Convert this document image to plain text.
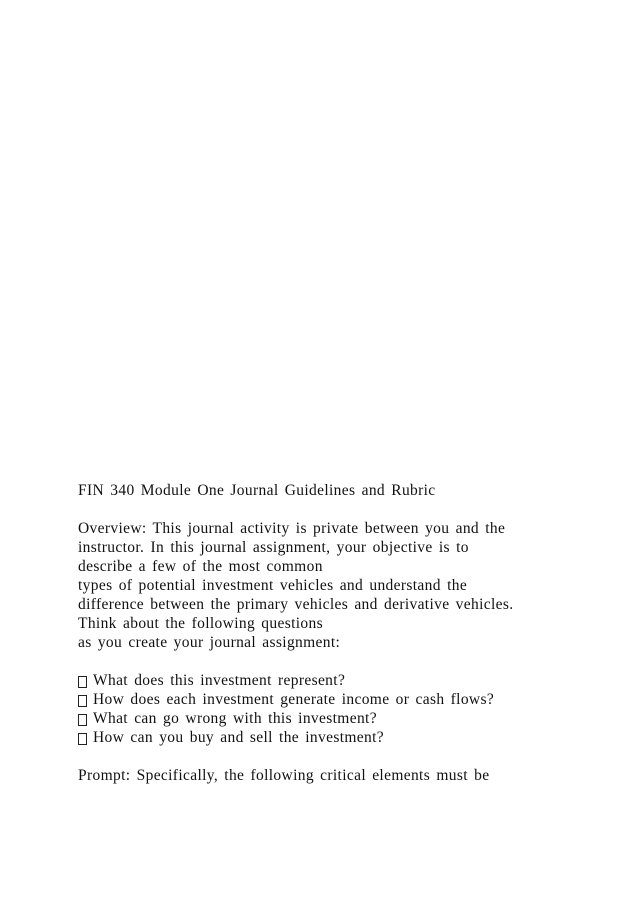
FIN 340 Module One Journal Guidelines and Rubric
Overview: This journal activity is private between you and the
instructor. In this journal assignment, your objective is to
describe a few of the most common
types of potential investment vehicles and understand the
difference between the primary vehicles and derivative vehicles.
Think about the following questions
as you create your journal assignment:
What does this investment represent?
How does each investment generate income or cash flows?
What can go wrong with this investment?
How can you buy and sell the investment?
Prompt: Specifically, the following critical elements must be
